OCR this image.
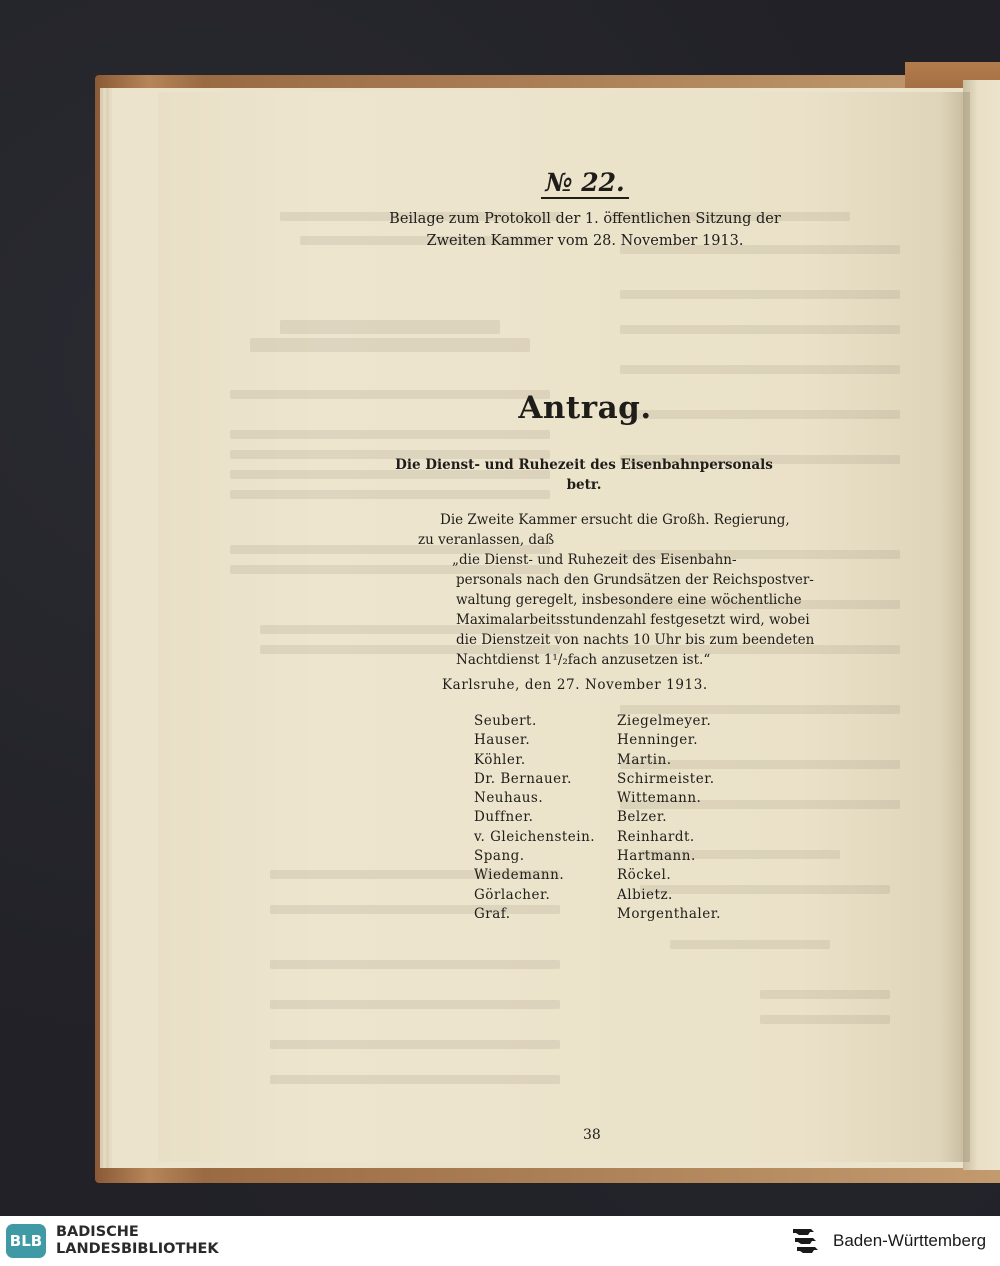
№ 22.
Beilage zum Protokoll der 1. öffentlichen Sitzung der
Zweiten Kammer vom 28. November 1913.
Antrag.
Die Dienst- und Ruhezeit des Eisenbahnpersonals
betr.
Die Zweite Kammer ersucht die Großh. Regierung,
zu veranlassen, daß
„die Dienst- und Ruhezeit des Eisenbahn-
personals nach den Grundsätzen der Reichspostver-
waltung geregelt, insbesondere eine wöchentliche
Maximalarbeitsstundenzahl festgesetzt wird, wobei
die Dienstzeit von nachts 10 Uhr bis zum beendeten
Nachtdienst 1¹/₂fach anzusetzen ist.“
Karlsruhe, den 27. November 1913.
Seubert.
Hauser.
Köhler.
Dr. Bernauer.
Neuhaus.
Duffner.
v. Gleichenstein.
Spang.
Wiedemann.
Görlacher.
Graf.
Ziegelmeyer.
Henninger.
Martin.
Schirmeister.
Wittemann.
Belzer.
Reinhardt.
Hartmann.
Röckel.
Albietz.
Morgenthaler.
38
BLB BADISCHE
LANDESBIBLIOTHEK	Baden-Württemberg
